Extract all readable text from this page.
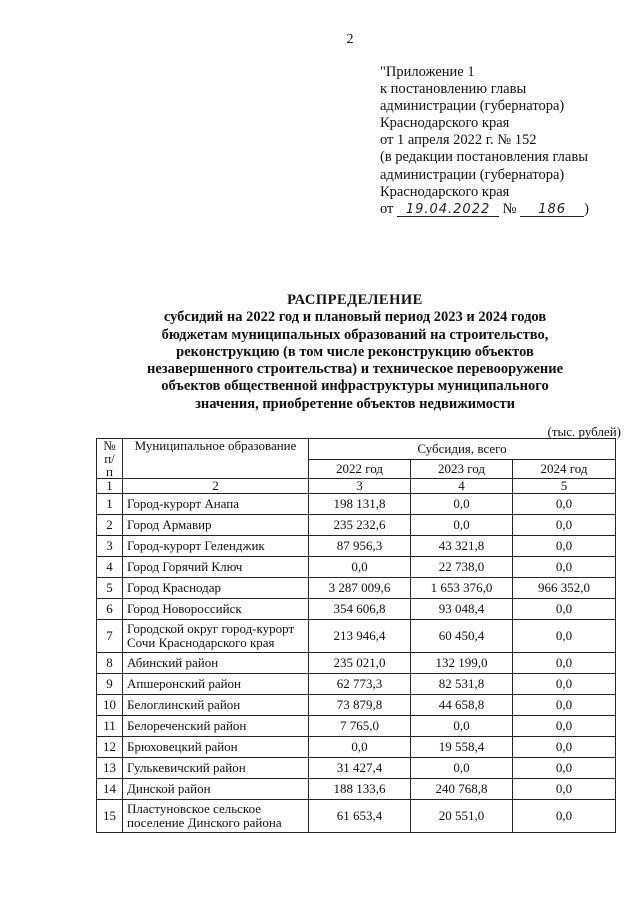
2
"Приложение 1
к постановлению главы
администрации (губернатора)
Краснодарского края
от 1 апреля 2022 г. № 152
(в редакции постановления главы
администрации (губернатора)
Краснодарского края
от 19.04.2022 № 186 )
РАСПРЕДЕЛЕНИЕ
субсидий на 2022 год и плановый период 2023 и 2024 годов
бюджетам муниципальных образований на строительство,
реконструкцию (в том числе реконструкцию объектов
незавершенного строительства) и техническое перевооружение
объектов общественной инфраструктуры муниципального
значения, приобретение объектов недвижимости
(тыс. рублей)
№
п/п	Муниципальное образование	Субсидия, всего		
		2022 год	2023 год	2024 год
1	2	3	4	5
1	Город-курорт Анапа	198 131,8	0,0	0,0
2	Город Армавир	235 232,6	0,0	0,0
3	Город-курорт Геленджик	87 956,3	43 321,8	0,0
4	Город Горячий Ключ	0,0	22 738,0	0,0
5	Город Краснодар	3 287 009,6	1 653 376,0	966 352,0
6	Город Новороссийск	354 606,8	93 048,4	0,0
7	Городской округ город-курорт Сочи Краснодарского края	213 946,4	60 450,4	0,0
8	Абинский район	235 021,0	132 199,0	0,0
9	Апшеронский район	62 773,3	82 531,8	0,0
10	Белоглинский район	73 879,8	44 658,8	0,0
11	Белореченский район	7 765,0	0,0	0,0
12	Брюховецкий район	0,0	19 558,4	0,0
13	Гулькевичский район	31 427,4	0,0	0,0
14	Динской район	188 133,6	240 768,8	0,0
15	Пластуновское сельское поселение Динского района	61 653,4	20 551,0	0,0
